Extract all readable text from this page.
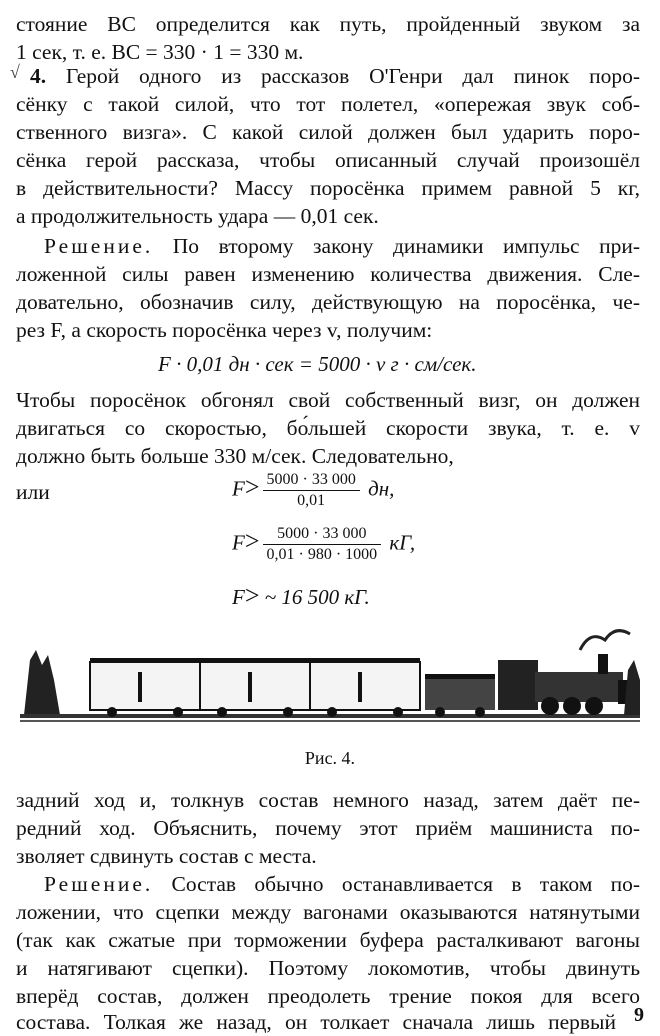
стояние ВС определится как путь, пройденный звуком за
1 сек, т. е. ВС = 330 · 1 = 330 м.
√ 4. Герой одного из рассказов О'Генри дал пинок поро-
сёнку с такой силой, что тот полетел, «опережая звук соб-
ственного визга». С какой силой должен был ударить поро-
сёнка герой рассказа, чтобы описанный случай произошёл
в действительности? Массу поросёнка примем равной 5 кг,
а продолжительность удара — 0,01 сек.
Решение. По второму закону динамики импульс при-
ложенной силы равен изменению количества движения. Сле-
довательно, обозначив силу, действующую на поросёнка, че-
рез F, а скорость поросёнка через v, получим:
F · 0,01 дн · сек = 5000 · v г · см/сек.
Чтобы поросёнок обгонял свой собственный визг, он должен
двигаться со скоростью, бо́льшей скорости звука, т. е. v
должно быть больше 330 м/сек. Следовательно,
$F> \frac{5000 \cdot 33 000}{0,01}$ дн,
или
$F> \frac{5000 \cdot 33 000}{0,01 \cdot 980 \cdot 1000}$ кГ,
F> ~ 16 500 кГ.
Рис. 4.
задний ход и, толкнув состав немного назад, затем даёт пе-
редний ход. Объяснить, почему этот приём машиниста по-
зволяет сдвинуть состав с места.
Решение. Состав обычно останавливается в таком по-
ложении, что сцепки между вагонами оказываются натянутыми
(так как сжатые при торможении буфера расталкивают вагоны
и натягивают сцепки). Поэтому локомотив, чтобы двинуть
вперёд состав, должен преодолеть трение покоя для всего
состава. Толкая же назад, он толкает сначала лишь первый 9
